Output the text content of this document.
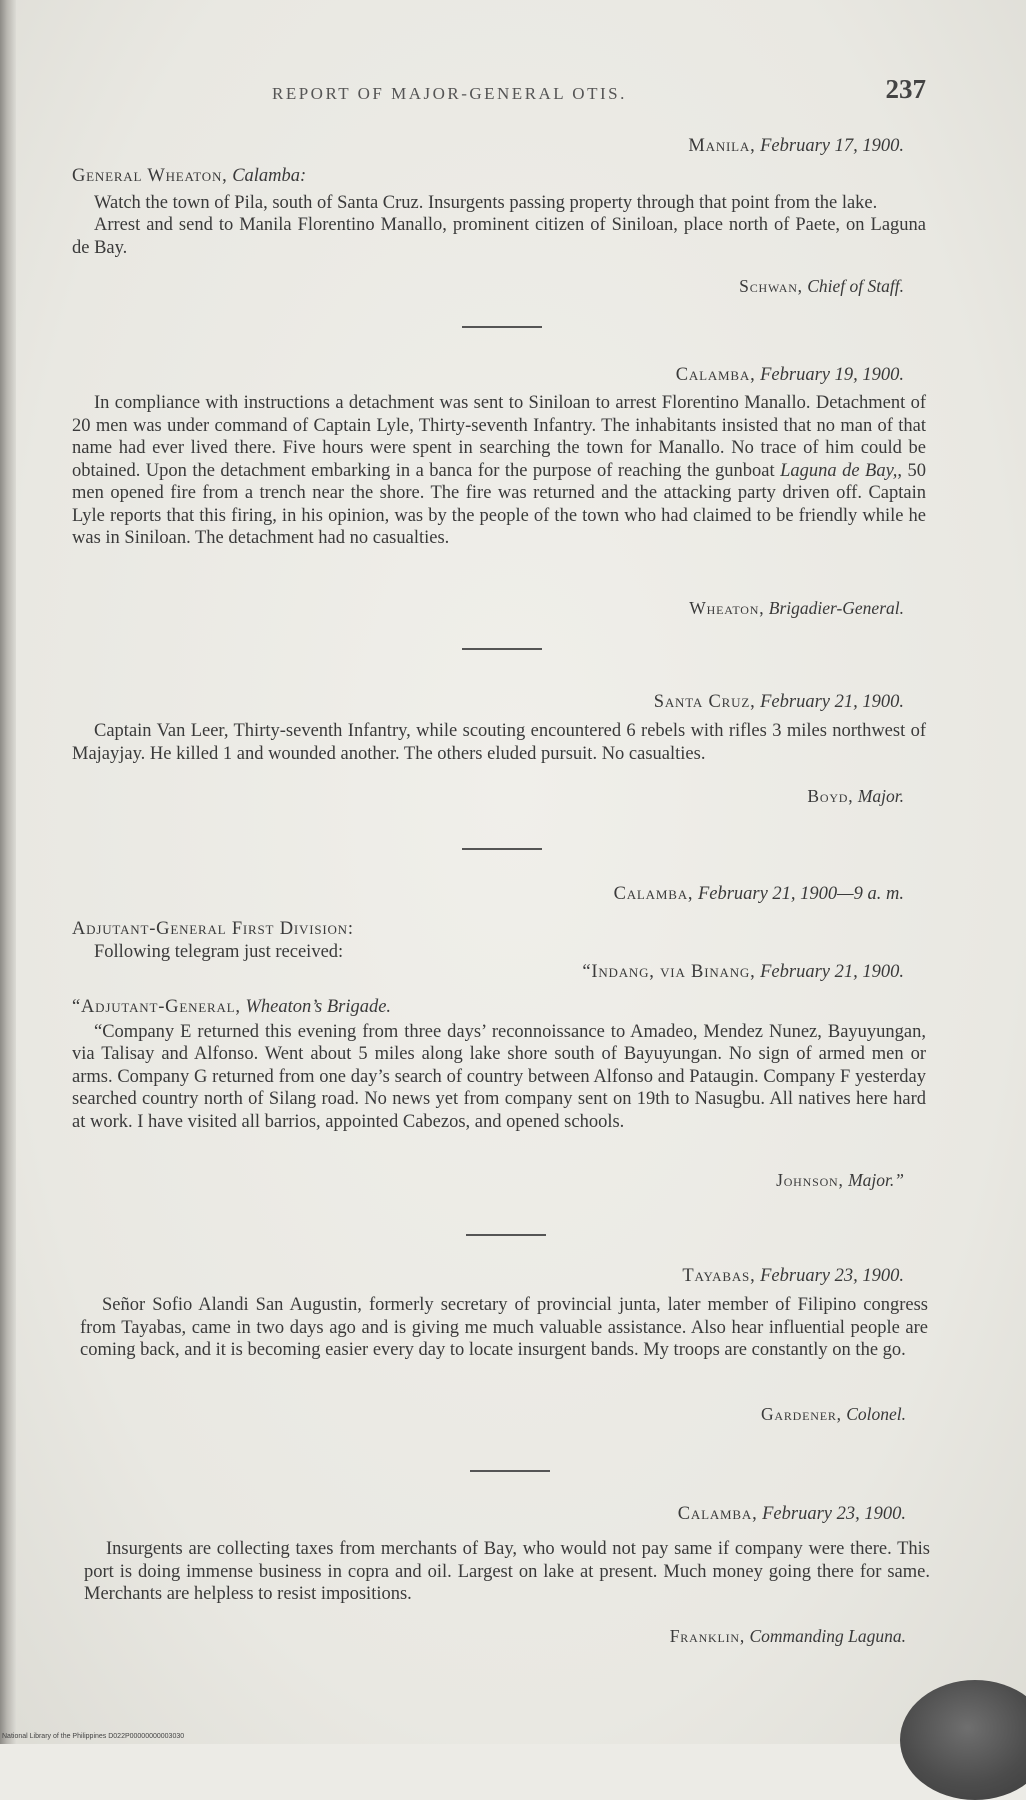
REPORT OF MAJOR-GENERAL OTIS.	237
Manila, February 17, 1900.

General Wheaton, Calamba:

Watch the town of Pila, south of Santa Cruz. Insurgents passing property through that point from the lake.

Arrest and send to Manila Florentino Manallo, prominent citizen of Siniloan, place north of Paete, on Laguna de Bay.

Schwan, Chief of Staff.
Calamba, February 19, 1900.

In compliance with instructions a detachment was sent to Siniloan to arrest Florentino Manallo. Detachment of 20 men was under command of Captain Lyle, Thirty-seventh Infantry. The inhabitants insisted that no man of that name had ever lived there. Five hours were spent in searching the town for Manallo. No trace of him could be obtained. Upon the detachment embarking in a banca for the purpose of reaching the gunboat Laguna de Bay,, 50 men opened fire from a trench near the shore. The fire was returned and the attacking party driven off. Captain Lyle reports that this firing, in his opinion, was by the people of the town who had claimed to be friendly while he was in Siniloan. The detachment had no casualties.

Wheaton, Brigadier-General.
Santa Cruz, February 21, 1900.

Captain Van Leer, Thirty-seventh Infantry, while scouting encountered 6 rebels with rifles 3 miles northwest of Majayjay. He killed 1 and wounded another. The others eluded pursuit. No casualties.

Boyd, Major.
Calamba, February 21, 1900—9 a. m.

Adjutant-General First Division:

Following telegram just received:

“Indang, via Binang, February 21, 1900.

“Adjutant-General, Wheaton’s Brigade.

“Company E returned this evening from three days’ reconnoissance to Amadeo, Mendez Nunez, Bayuyungan, via Talisay and Alfonso. Went about 5 miles along lake shore south of Bayuyungan. No sign of armed men or arms. Company G returned from one day’s search of country between Alfonso and Pataugin. Company F yesterday searched country north of Silang road. No news yet from company sent on 19th to Nasugbu. All natives here hard at work. I have visited all barrios, appointed Cabezos, and opened schools.

Johnson, Major.”
Tayabas, February 23, 1900.

Señor Sofio Alandi San Augustin, formerly secretary of provincial junta, later member of Filipino congress from Tayabas, came in two days ago and is giving me much valuable assistance. Also hear influential people are coming back, and it is becoming easier every day to locate insurgent bands. My troops are constantly on the go.

Gardener, Colonel.
Calamba, February 23, 1900.

Insurgents are collecting taxes from merchants of Bay, who would not pay same if company were there. This port is doing immense business in copra and oil. Largest on lake at present. Much money going there for same. Merchants are helpless to resist impositions.

Franklin, Commanding Laguna.
National Library of the Philippines D022P00000000003030
